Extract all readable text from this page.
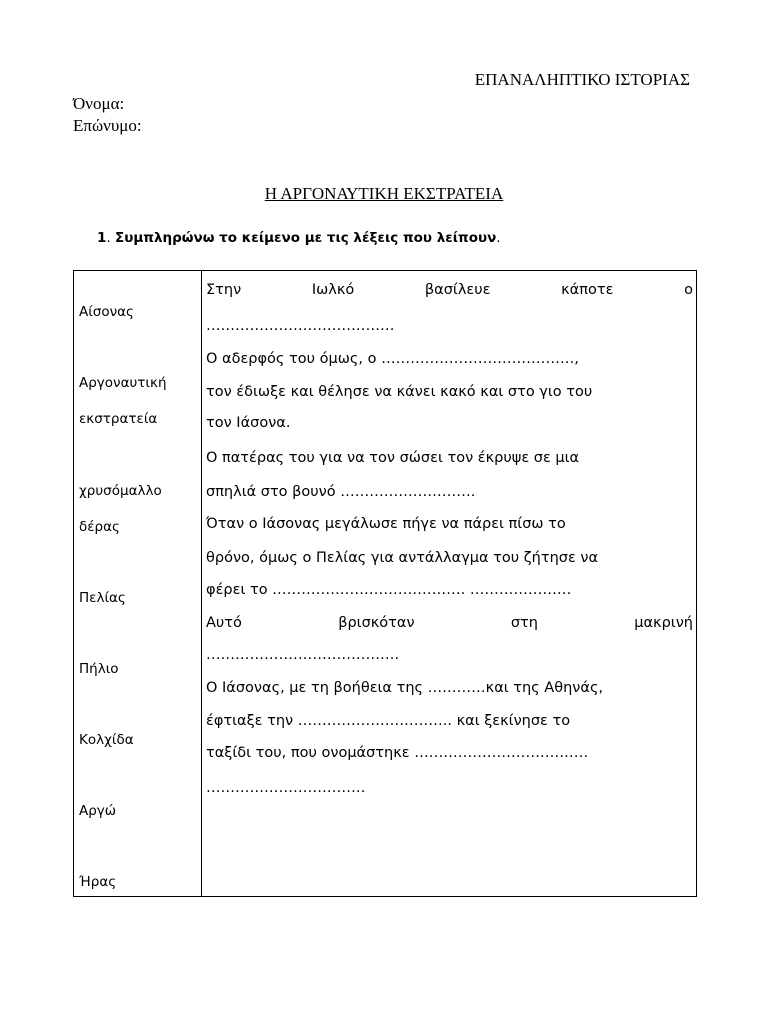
ΕΠΑΝΑΛΗΠΤΙΚΟ ΙΣΤΟΡΙΑΣ
Όνομα:
Επώνυμο:
Η ΑΡΓΟΝΑΥΤΙΚΗ ΕΚΣΤΡΑΤΕΙΑ
1. Συμπληρώνω το κείμενο με τις λέξεις που λείπουν.
Αίσονας
Αργοναυτική
εκστρατεία
χρυσόμαλλο
δέρας
Πελίας
Πήλιο
Κολχίδα
Αργώ
Ήρας
Στην	Ιωλκό	βασίλευε	κάποτε	ο
…………………………………
Ο αδερφός του όμως, ο ………………………………….,
τον έδιωξε και θέλησε να κάνει κακό και στο γιο του
τον Ιάσονα.
Ο πατέρας του για να τον σώσει τον έκρυψε σε μια
σπηλιά στο βουνό ……………………….
Όταν ο Ιάσονας μεγάλωσε πήγε να πάρει πίσω το
θρόνο, όμως ο Πελίας για αντάλλαγμα του ζήτησε να
φέρει το …………………………………. …………………
Αυτό	βρισκόταν	στη	μακρινή
………………………………….
Ο Ιάσονας, με τη βοήθεια της …………και της Αθηνάς,
έφτιαξε την ………………………….. και ξεκίνησε το
ταξίδι του, που ονομάστηκε ………………………………
……………………………
